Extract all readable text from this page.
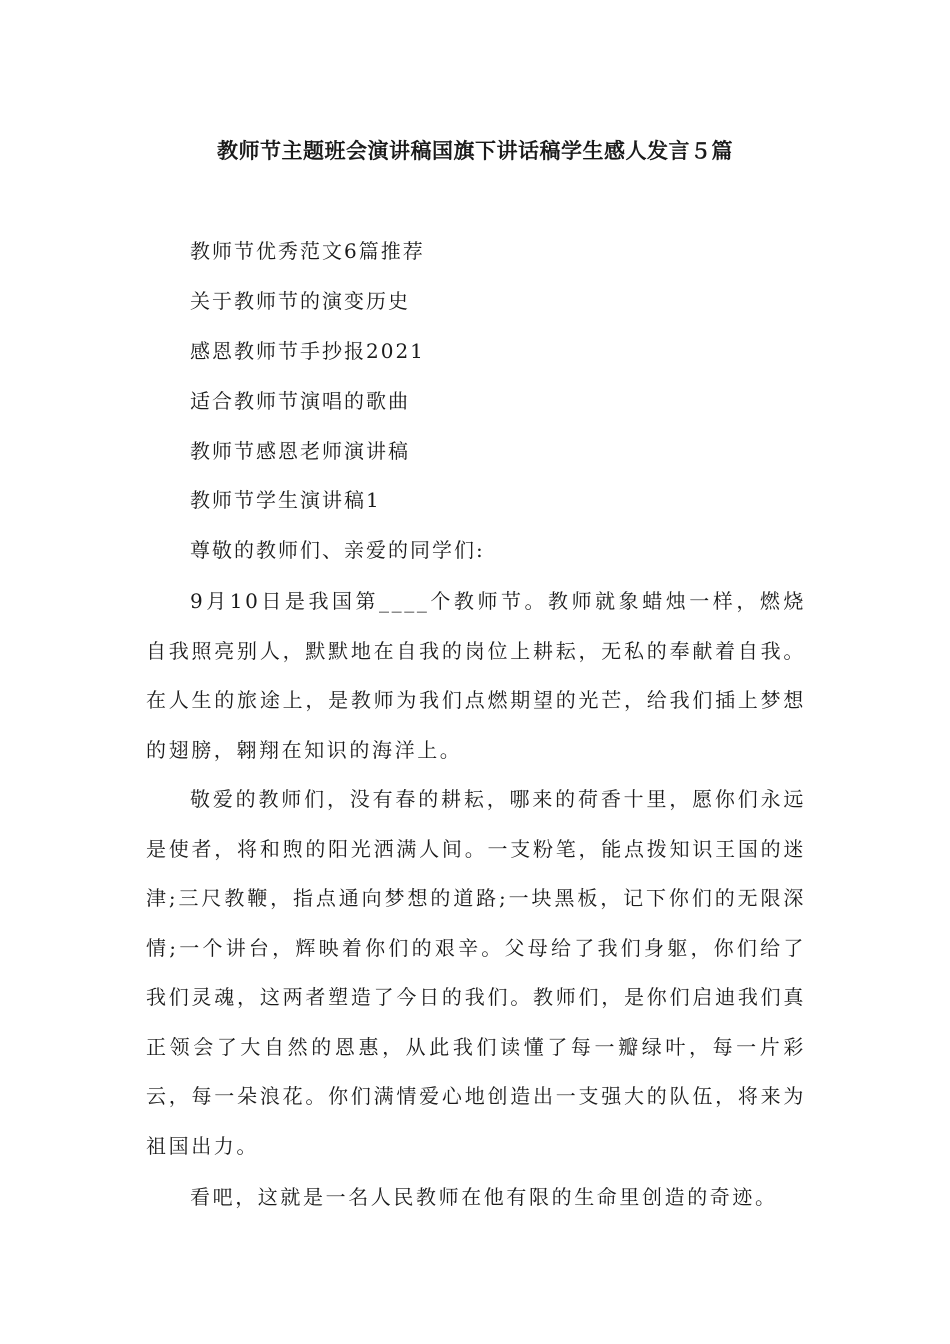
教师节主题班会演讲稿国旗下讲话稿学生感人发言５篇

教师节优秀范文6篇推荐

关于教师节的演变历史

感恩教师节手抄报2021

适合教师节演唱的歌曲

教师节感恩老师演讲稿

教师节学生演讲稿1

尊敬的教师们、亲爱的同学们:

9月10日是我国第____个教师节。教师就象蜡烛一样，燃烧自我照亮别人，默默地在自我的岗位上耕耘，无私的奉献着自我。在人生的旅途上，是教师为我们点燃期望的光芒，给我们插上梦想的翅膀，翱翔在知识的海洋上。

敬爱的教师们，没有春的耕耘，哪来的荷香十里，愿你们永远是使者，将和煦的阳光洒满人间。一支粉笔，能点拨知识王国的迷津;三尺教鞭，指点通向梦想的道路;一块黑板，记下你们的无限深情;一个讲台，辉映着你们的艰辛。父母给了我们身躯，你们给了我们灵魂，这两者塑造了今日的我们。教师们，是你们启迪我们真正领会了大自然的恩惠，从此我们读懂了每一瓣绿叶，每一片彩云，每一朵浪花。你们满情爱心地创造出一支强大的队伍，将来为祖国出力。

看吧，这就是一名人民教师在他有限的生命里创造的奇迹。
